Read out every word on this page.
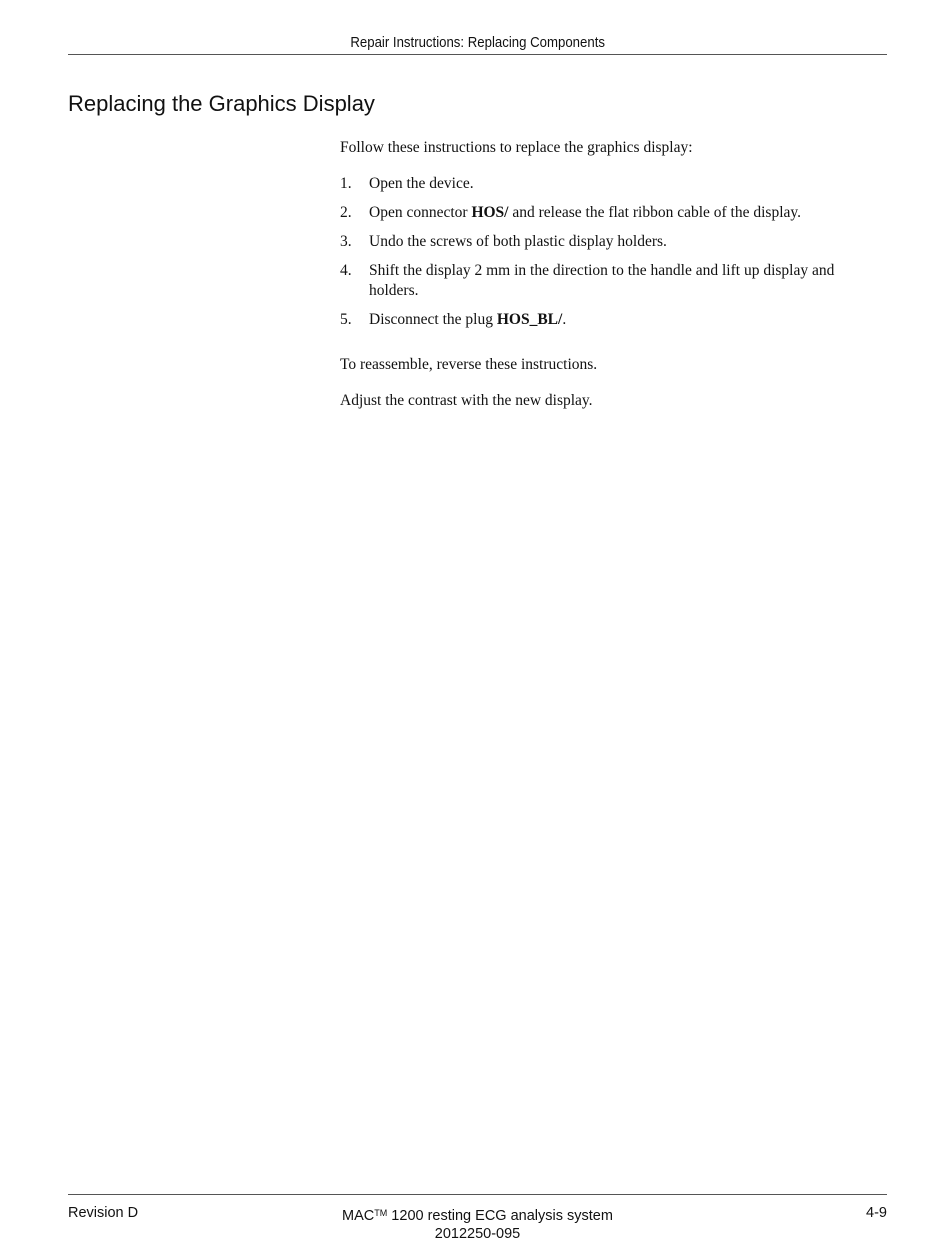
Repair Instructions: Replacing Components
Replacing the Graphics Display

Follow these instructions to replace the graphics display:

1. Open the device.
2. Open connector HOS/ and release the flat ribbon cable of the display.
3. Undo the screws of both plastic display holders.
4. Shift the display 2 mm in the direction to the handle and lift up display and holders.
5. Disconnect the plug HOS_BL/.

To reassemble, reverse these instructions.

Adjust the contrast with the new display.

Revision D	MAC™ 1200 resting ECG analysis system
2012250-095
4-9
